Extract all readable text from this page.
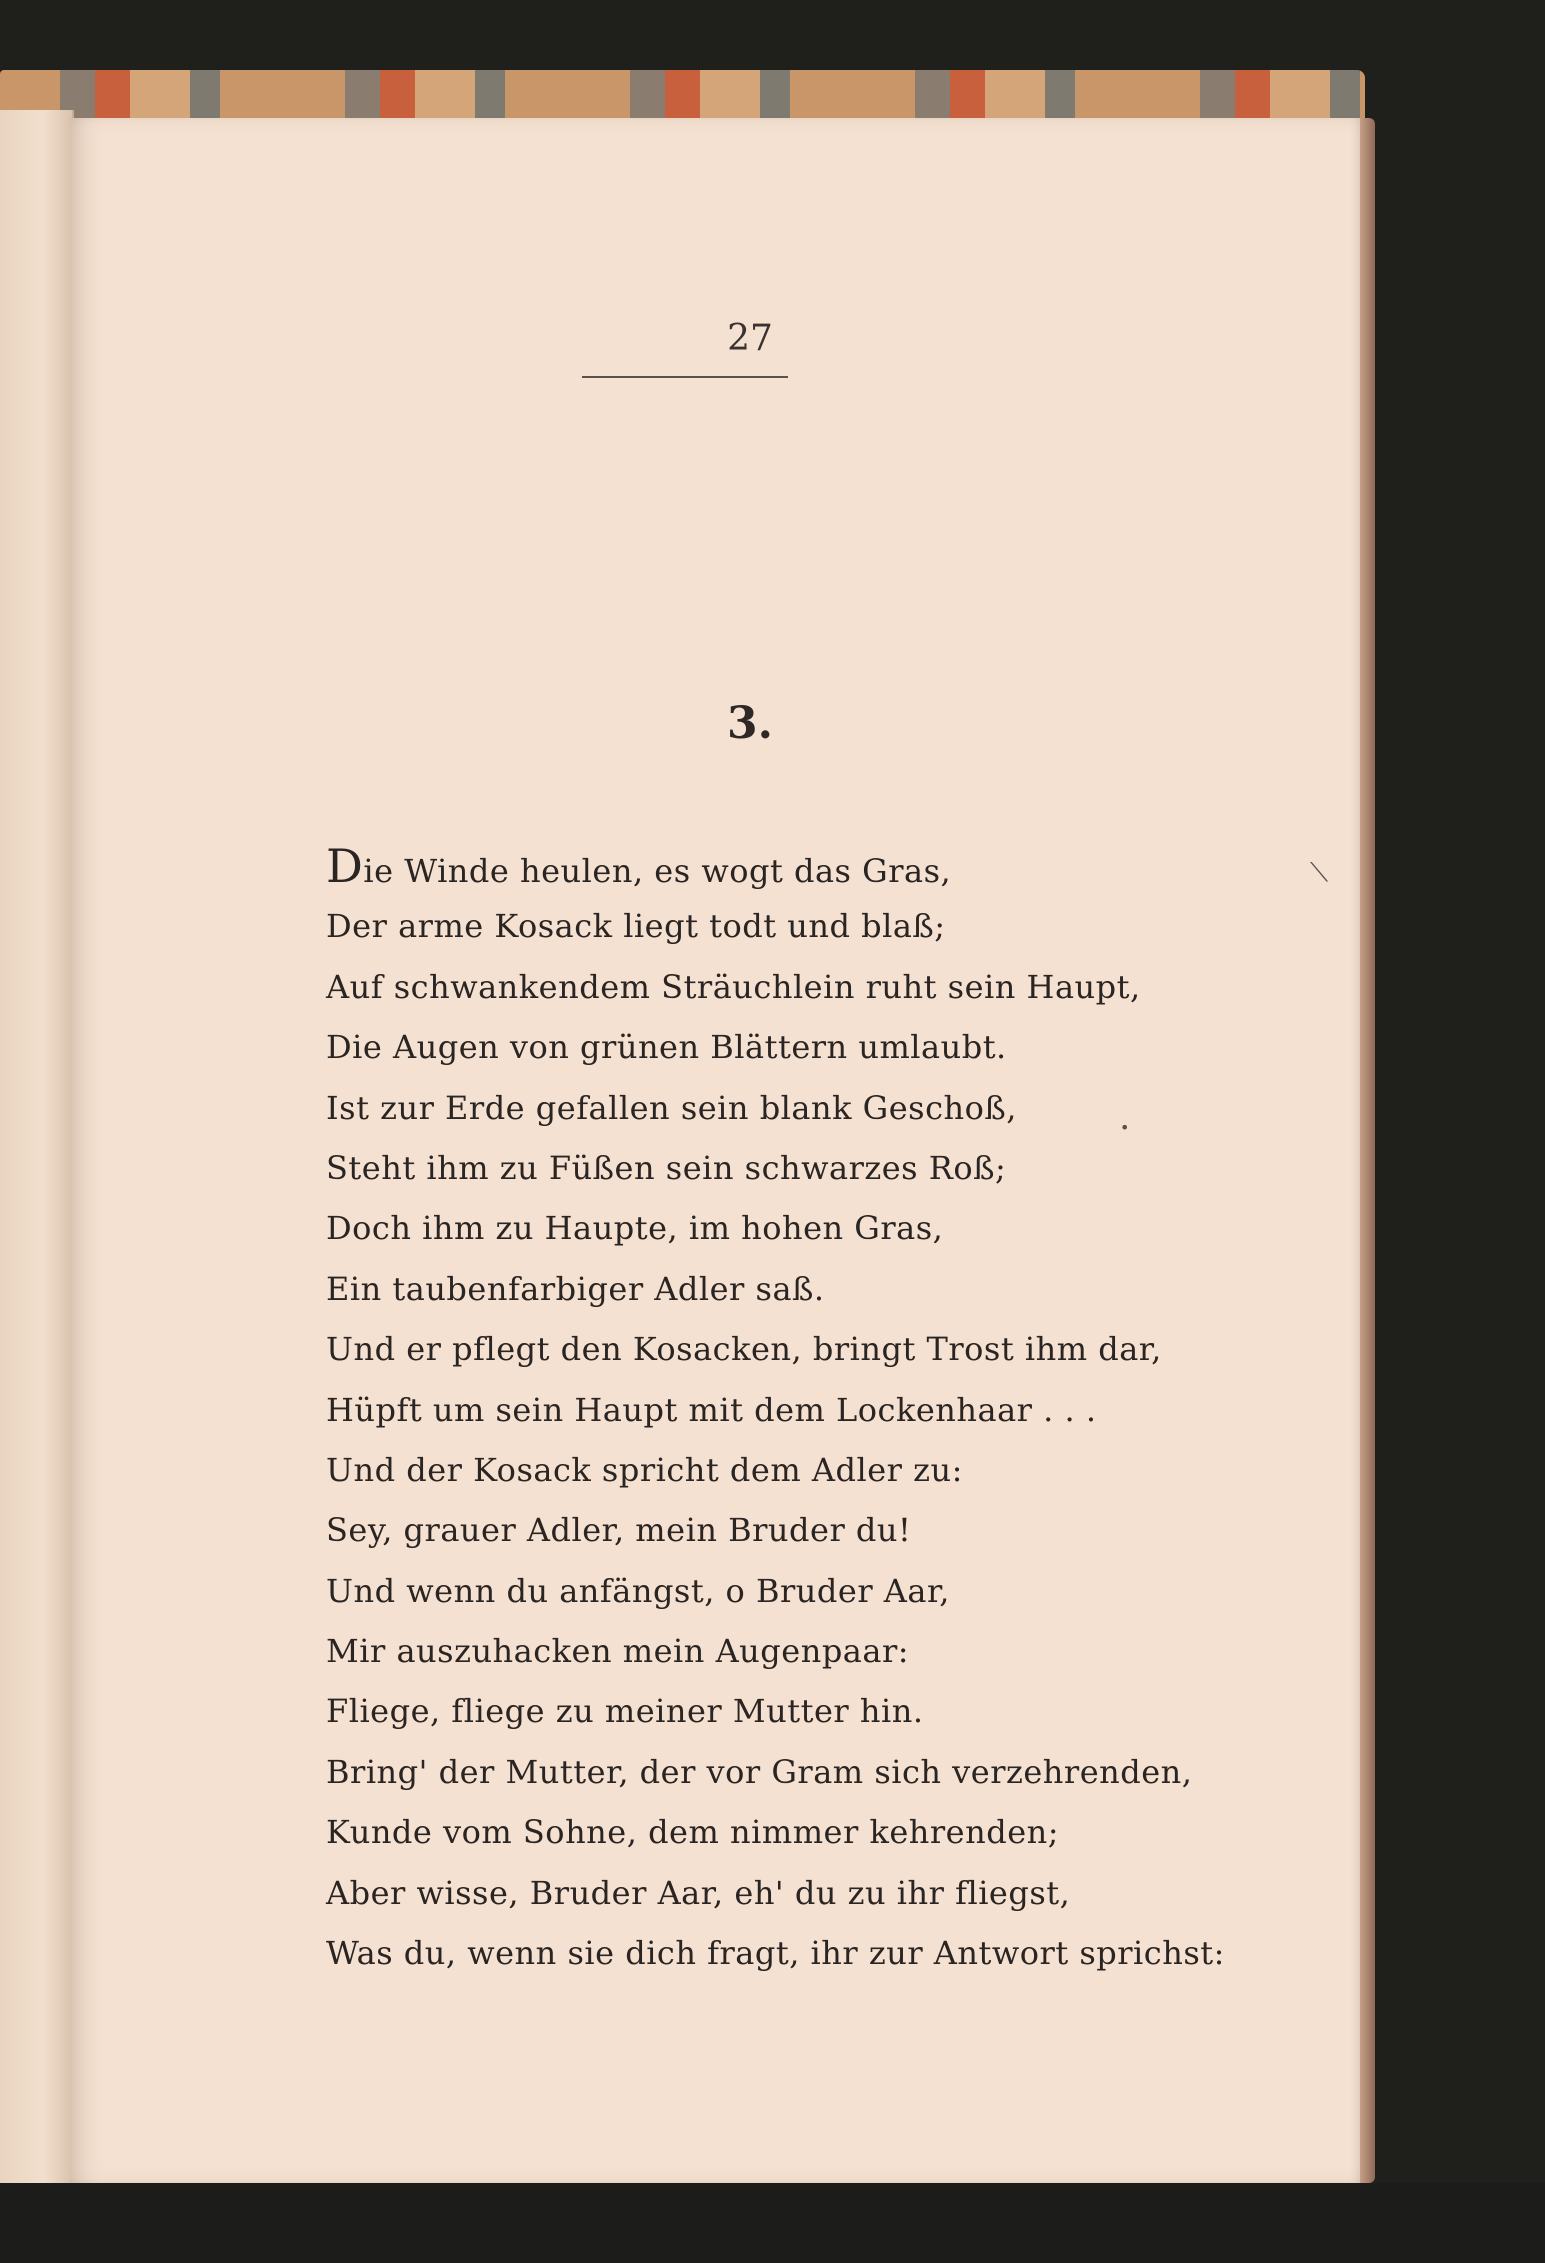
27
3.
Die Winde heulen, es wogt das Gras,
Der arme Kosack liegt todt und blaß;
Auf schwankendem Sträuchlein ruht sein Haupt,
Die Augen von grünen Blättern umlaubt.
Ist zur Erde gefallen sein blank Geschoß,
Steht ihm zu Füßen sein schwarzes Roß;
Doch ihm zu Haupte, im hohen Gras,
Ein taubenfarbiger Adler saß.
Und er pflegt den Kosacken, bringt Trost ihm dar,
Hüpft um sein Haupt mit dem Lockenhaar . . .
Und der Kosack spricht dem Adler zu:
Sey, grauer Adler, mein Bruder du!
Und wenn du anfängst, o Bruder Aar,
Mir auszuhacken mein Augenpaar:
Fliege, fliege zu meiner Mutter hin.
Bring' der Mutter, der vor Gram sich verzehrenden,
Kunde vom Sohne, dem nimmer kehrenden;
Aber wisse, Bruder Aar, eh' du zu ihr fliegst,
Was du, wenn sie dich fragt, ihr zur Antwort sprichst:
⟍
•
